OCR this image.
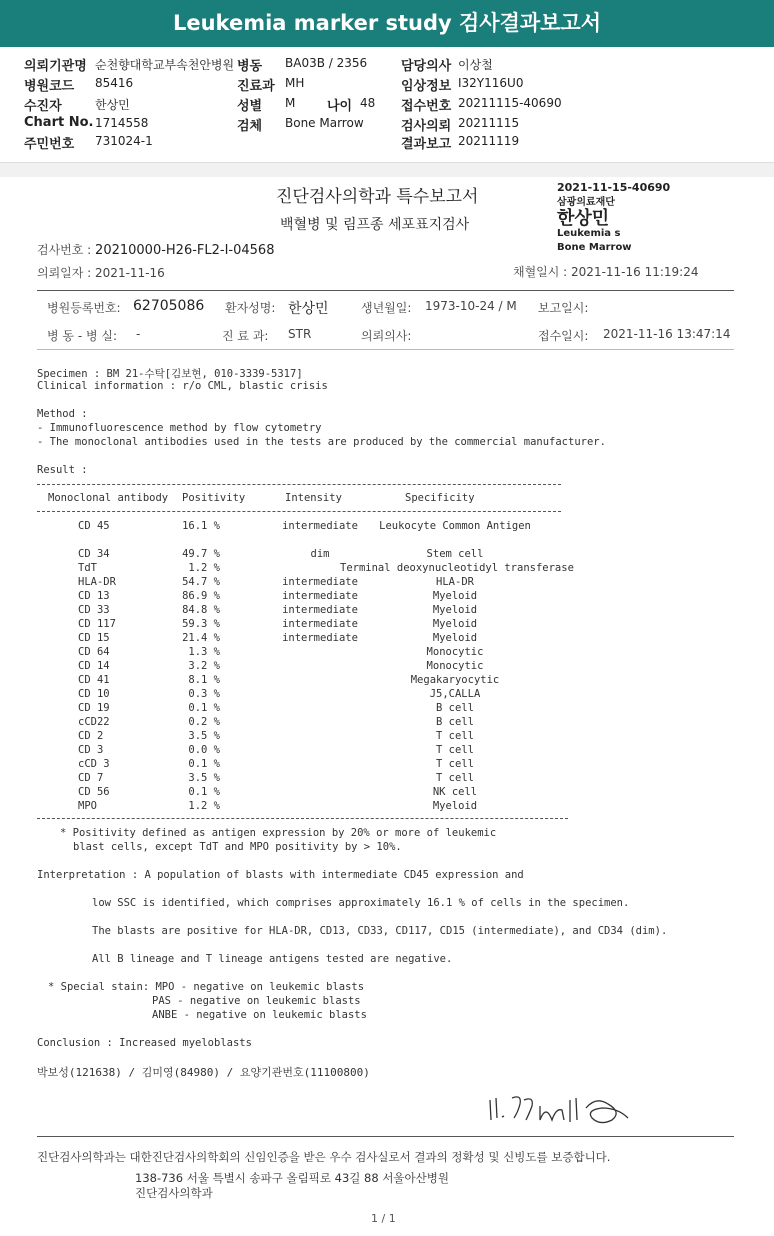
Leukemia marker study 검사결과보고서
의뢰기관명 순천향대학교부속천안병원 병동 BA03B / 2356	담당의사 이상철
병원코드 85416	진료과 MH	임상정보 I32Y116U0
수진자	한상민	성별 M 나이 48 접수번호 20211115-40690
Chart No. 1714558	검체 Bone Marrow	검사의뢰 20211115
주민번호 731024-1	결과보고 20211119
진단검사의학과 특수보고서
백혈병 및 림프종 세포표지검사
2021-11-15-40690
삼광의료재단
한상민
Leukemia s
Bone Marrow
검사번호 : 20210000-H26-FL2-I-04568
의뢰일자 : 2021-11-16	채혈일시 : 2021-11-16 11:19:24
병원등록번호: 62705086 환자성명: 한상민	생년월일: 1973-10-24 / M 보고일시:
병 동 - 병 실: -	진 료 과: STR	의뢰의사:	접수일시: 2021-11-16 13:47:14
Specimen : BM 21-수탁[김보현, 010-3339-5317]
Clinical information : r/o CML, blastic crisis
Method :
- Immunofluorescence method by flow cytometry
- The monoclonal antibodies used in the tests are produced by the commercial manufacturer.
Result :
Monoclonal antibody Positivity	Intensity	Specificity
CD 45	16.1 %	intermediate	Leukocyte Common Antigen
CD 34	49.7 %	dim	Stem cell
TdT	1.2 %	Terminal deoxynucleotidyl transferase
HLA-DR	54.7 %	intermediate	HLA-DR
CD 13	86.9 %	intermediate	Myeloid
CD 33	84.8 %	intermediate	Myeloid
CD 117	59.3 %	intermediate	Myeloid
CD 15	21.4 %	intermediate	Myeloid
CD 64	1.3 %	Monocytic
CD 14	3.2 %	Monocytic
CD 41	8.1 %	Megakaryocytic
CD 10	0.3 %	J5,CALLA
CD 19	0.1 %	B cell
cCD22	0.2 %	B cell
CD 2	3.5 %	T cell
CD 3	0.0 %	T cell
cCD 3	0.1 %	T cell
CD 7	3.5 %	T cell
CD 56	0.1 %	NK cell
MPO	1.2 %	Myeloid
* Positivity defined as antigen expression by 20% or more of leukemic
blast cells, except TdT and MPO positivity by > 10%.
Interpretation : A population of blasts with intermediate CD45 expression and
low SSC is identified, which comprises approximately 16.1 % of cells in the specimen.
The blasts are positive for HLA-DR, CD13, CD33, CD117, CD15 (intermediate), and CD34 (dim).
All B lineage and T lineage antigens tested are negative.
* Special stain: MPO - negative on leukemic blasts
PAS - negative on leukemic blasts
ANBE - negative on leukemic blasts
Conclusion : Increased myeloblasts
박보성(121638) / 김미영(84980) / 요양기관번호(11100800)
진단검사의학과는 대한진단검사의학회의 신임인증을 받은 우수 검사실로서 결과의 정확성 및 신빙도를 보증합니다.
138-736 서울 특별시 송파구 올림픽로 43길 88 서울아산병원
진단검사의학과
1 / 1
